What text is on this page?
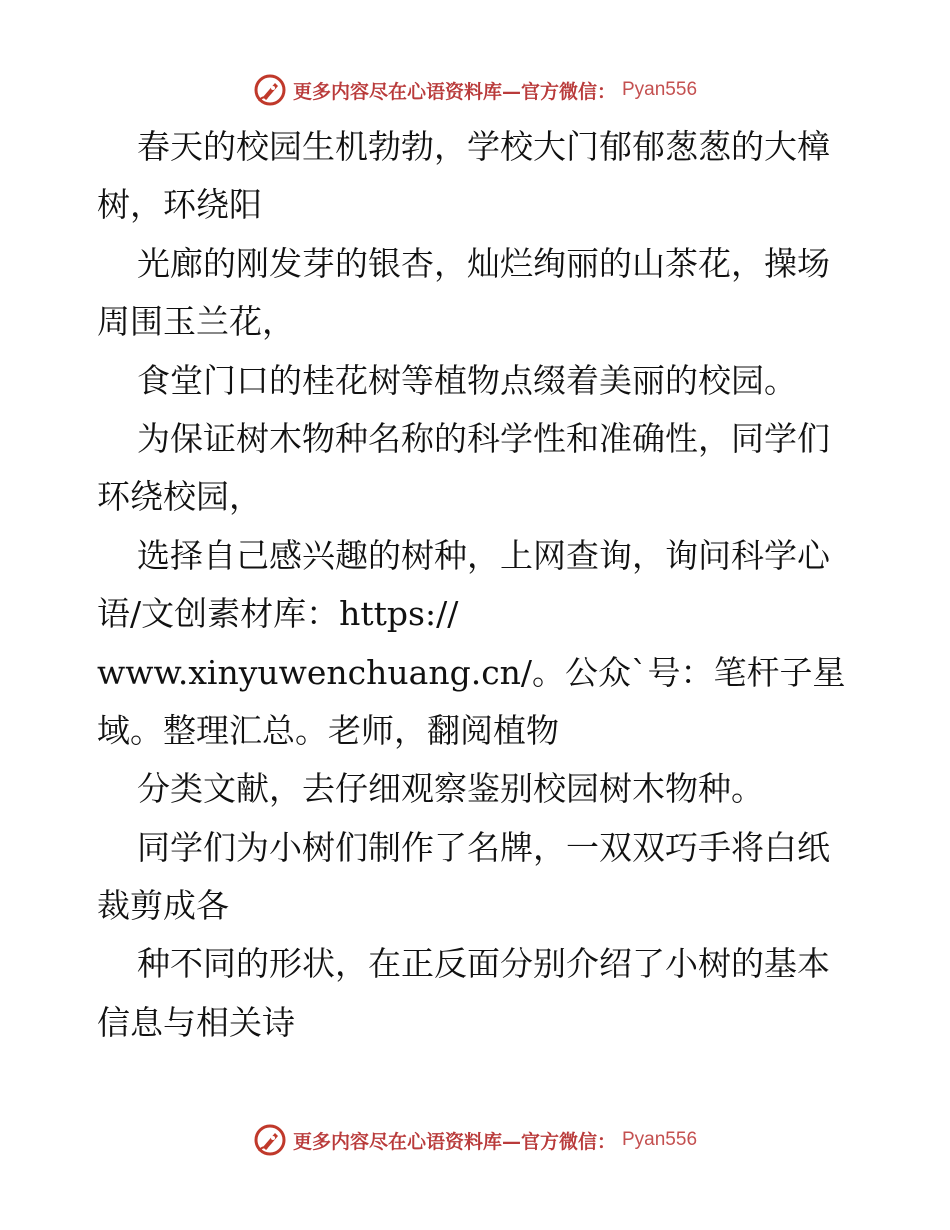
更多内容尽在心语资料库—官方微信： Pyan556
春天的校园生机勃勃，学校大门郁郁葱葱的大樟
树，环绕阳
光廊的刚发芽的银杏，灿烂绚丽的山茶花，操场
周围玉兰花，
食堂门口的桂花树等植物点缀着美丽的校园。
为保证树木物种名称的科学性和准确性，同学们
环绕校园，
选择自己感兴趣的树种，上网查询，询问科学心
语/文创素材库：https://
www.xinyuwenchuang.cn/。公众`号：笔杆子星
域。整理汇总。老师，翻阅植物
分类文献，去仔细观察鉴别校园树木物种。
同学们为小树们制作了名牌，一双双巧手将白纸
裁剪成各
种不同的形状，在正反面分别介绍了小树的基本
信息与相关诗
更多内容尽在心语资料库—官方微信： Pyan556
